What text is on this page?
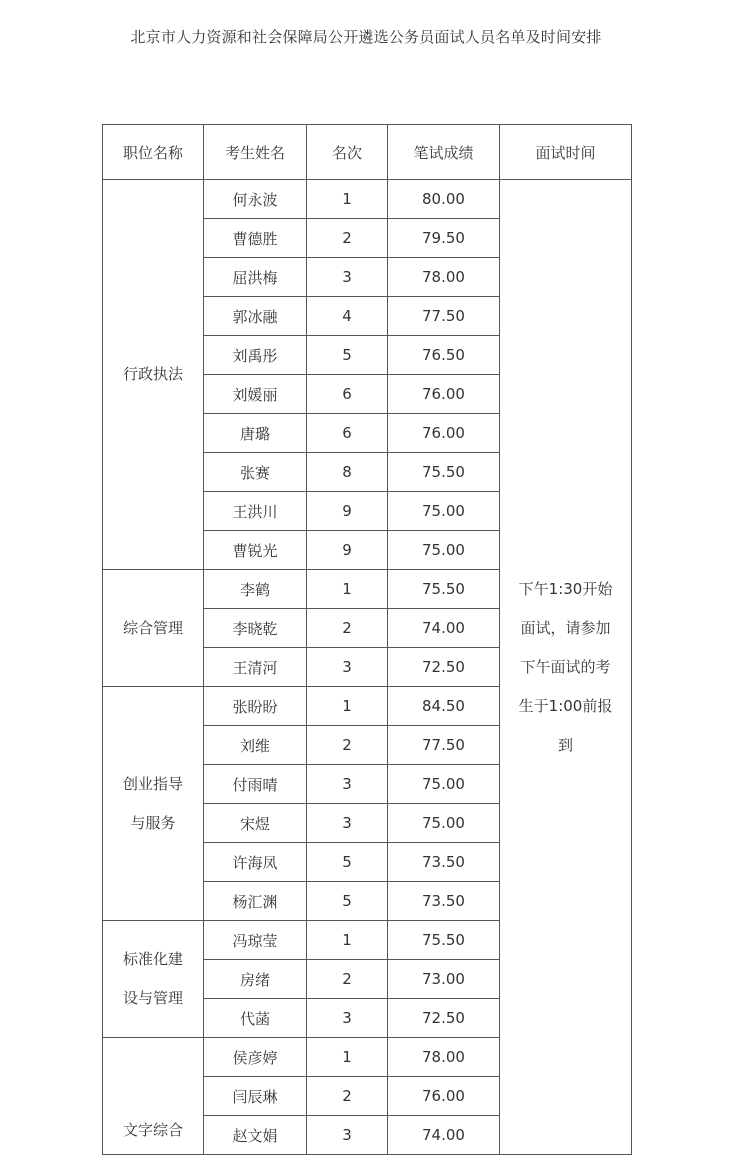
北京市人力资源和社会保障局公开遴选公务员面试人员名单及时间安排
职位名称	考生姓名	名次	笔试成绩	面试时间
行政执法	何永波	1	80.00	下午1:30开始面试，请参加下午面试的考生于1:00前报到
	曹德胜	2	79.50	
	屈洪梅	3	78.00	
	郭冰融	4	77.50	
	刘禹彤	5	76.50	
	刘媛丽	6	76.00	
	唐璐	6	76.00	
	张赛	8	75.50	
	王洪川	9	75.00	
	曹锐光	9	75.00	
综合管理	李鹤	1	75.50	
	李晓乾	2	74.00	
	王清河	3	72.50	
创业指导与服务	张盼盼	1	84.50	
	刘维	2	77.50	
	付雨晴	3	75.00	
	宋煜	3	75.00	
	许海凤	5	73.50	
	杨汇渊	5	73.50	
标准化建设与管理	冯琼莹	1	75.50	
	房绪	2	73.00	
	代菡	3	72.50	
文字综合	侯彦婷	1	78.00	
	闫辰琳	2	76.00	
	赵文娟	3	74.00	
